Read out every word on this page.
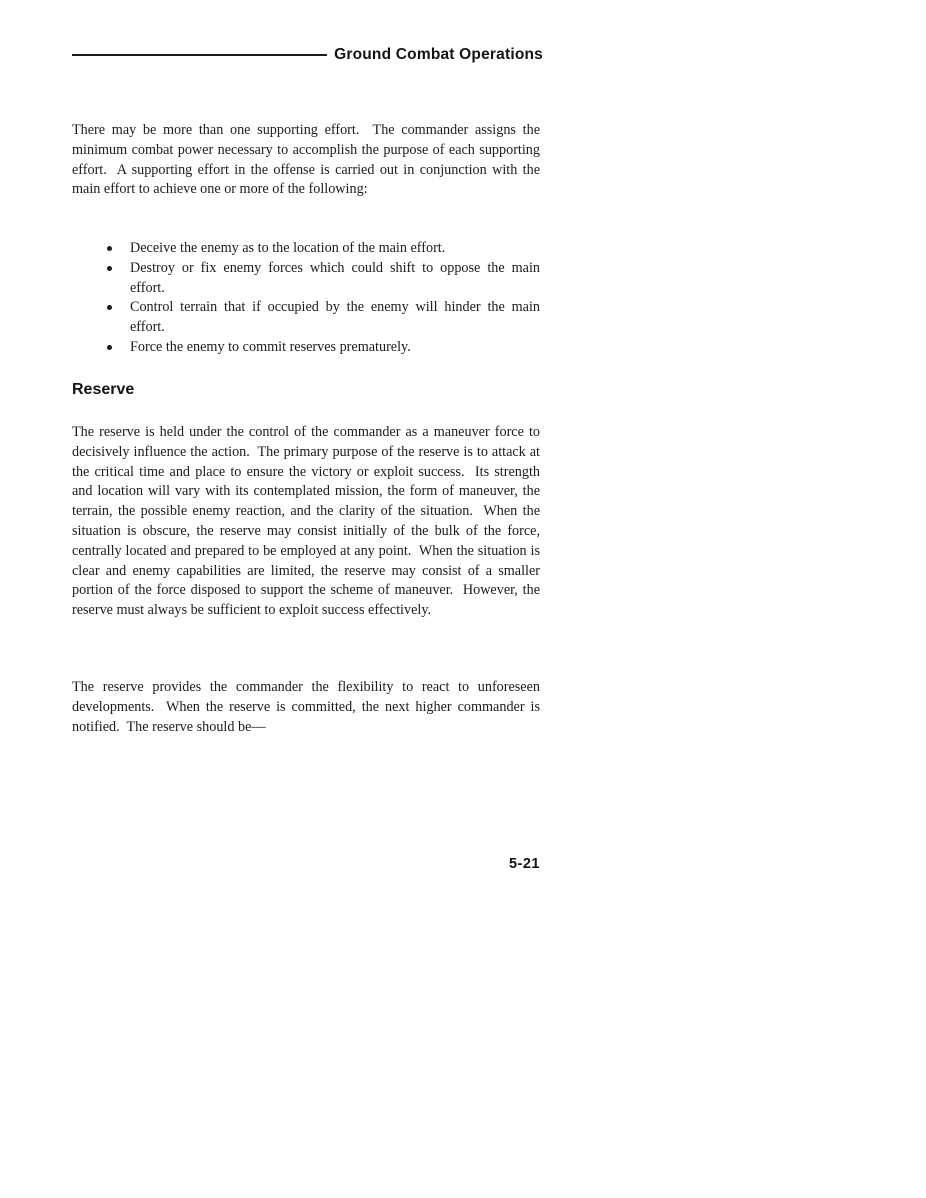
Ground Combat Operations
There may be more than one supporting effort.  The commander assigns the minimum combat power necessary to accomplish the purpose of each supporting effort.  A supporting effort in the offense is carried out in conjunction with the main effort to achieve one or more of the following:
Deceive the enemy as to the location of the main effort.
Destroy or fix enemy forces which could shift to oppose the main effort.
Control terrain that if occupied by the enemy will hinder the main effort.
Force the enemy to commit reserves prematurely.
Reserve
The reserve is held under the control of the commander as a maneuver force to decisively influence the action.  The primary purpose of the reserve is to attack at the critical time and place to ensure the victory or exploit success.  Its strength and location will vary with its contemplated mission, the form of maneuver, the terrain, the possible enemy reaction, and the clarity of the situation.  When the situation is obscure, the reserve may consist initially of the bulk of the force, centrally located and prepared to be employed at any point.  When the situation is clear and enemy capabilities are limited, the reserve may consist of a smaller portion of the force disposed to support the scheme of maneuver.  However, the reserve must always be sufficient to exploit success effectively.
The reserve provides the commander the flexibility to react to unforeseen developments.  When the reserve is committed, the next higher commander is notified.  The reserve should be—
5-21
